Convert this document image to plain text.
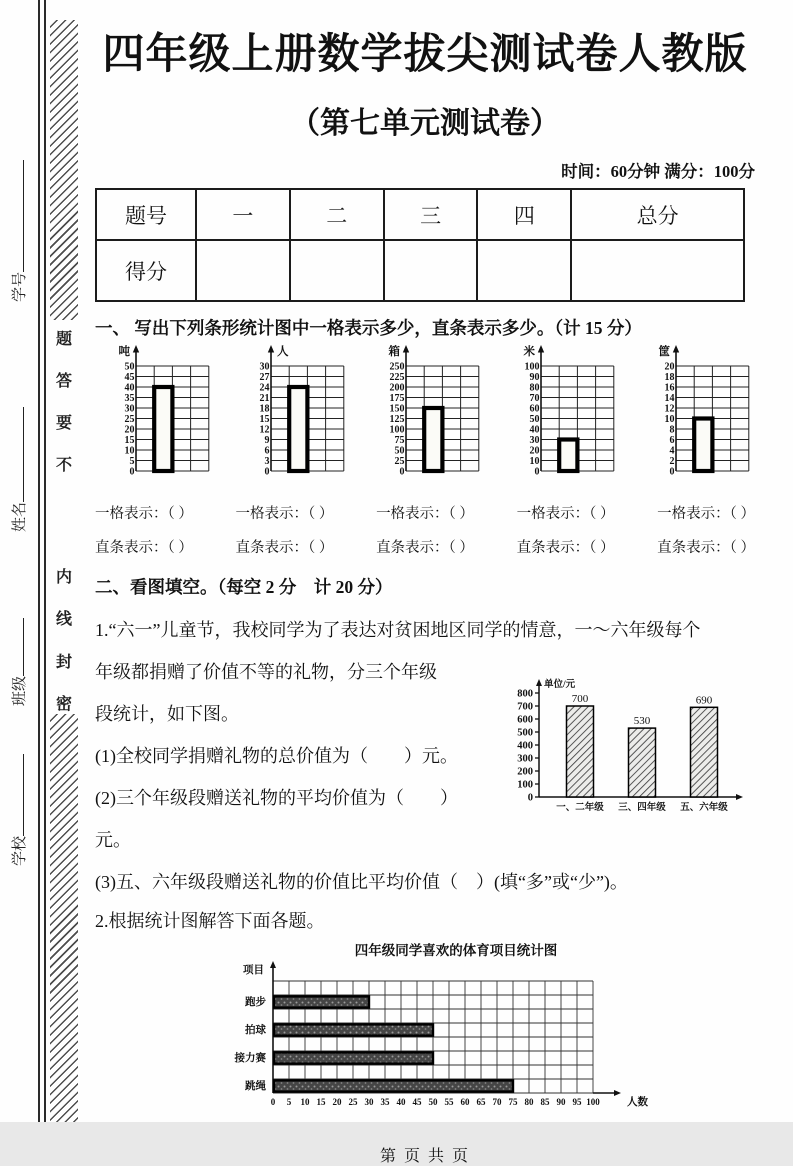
题
答
要
不
内
线
封
密
学号
姓名
班级
学校
四年级上册数学拔尖测试卷人教版
（第七单元测试卷）
时间：60分钟 满分：100分
题号	一	二	三	四	总分
得分					
一、 写出下列条形统计图中一格表示多少，直条表示多少。（计 15 分）
0
5
10
15
20
25
30
35
40
45
50
吨
0
3
6
9
12
15
18
21
24
27
30
人
0
25
50
75
100
125
150
175
200
225
250
箱
0
10
20
30
40
50
60
70
80
90
100
米
0
2
4
6
8
10
12
14
16
18
20
筐
一格表示：（ ）	一格表示：（ ）	一格表示：（ ）	一格表示：（ ）	一格表示：（ ）
直条表示：（ ）	直条表示：（ ）	直条表示：（ ）	直条表示：（ ）	直条表示：（ ）
二、看图填空。（每空 2 分　计 20 分）
1.“六一”儿童节，我校同学为了表达对贫困地区同学的情意，一～六年级每个
0
100
200
300
400
500
600
700
800
单位/元
700
一、二年级
530
三、四年级
690
五、六年级
年级都捐赠了价值不等的礼物，分三个年级
段统计，如下图。
(1)全校同学捐赠礼物的总价值为（　　）元。
(2)三个年级段赠送礼物的平均价值为（　　）元。
(3)五、六年级段赠送礼物的价值比平均价值（　）(填“多”或“少”)。
2.根据统计图解答下面各题。
四年级同学喜欢的体育项目统计图
项目
人数
0 5 10 15 20 25 30 35 40 45 50 55 60 65 70 75 80 85 90 95 100
跑步
拍球
接力赛
跳绳
第 页 共 页
